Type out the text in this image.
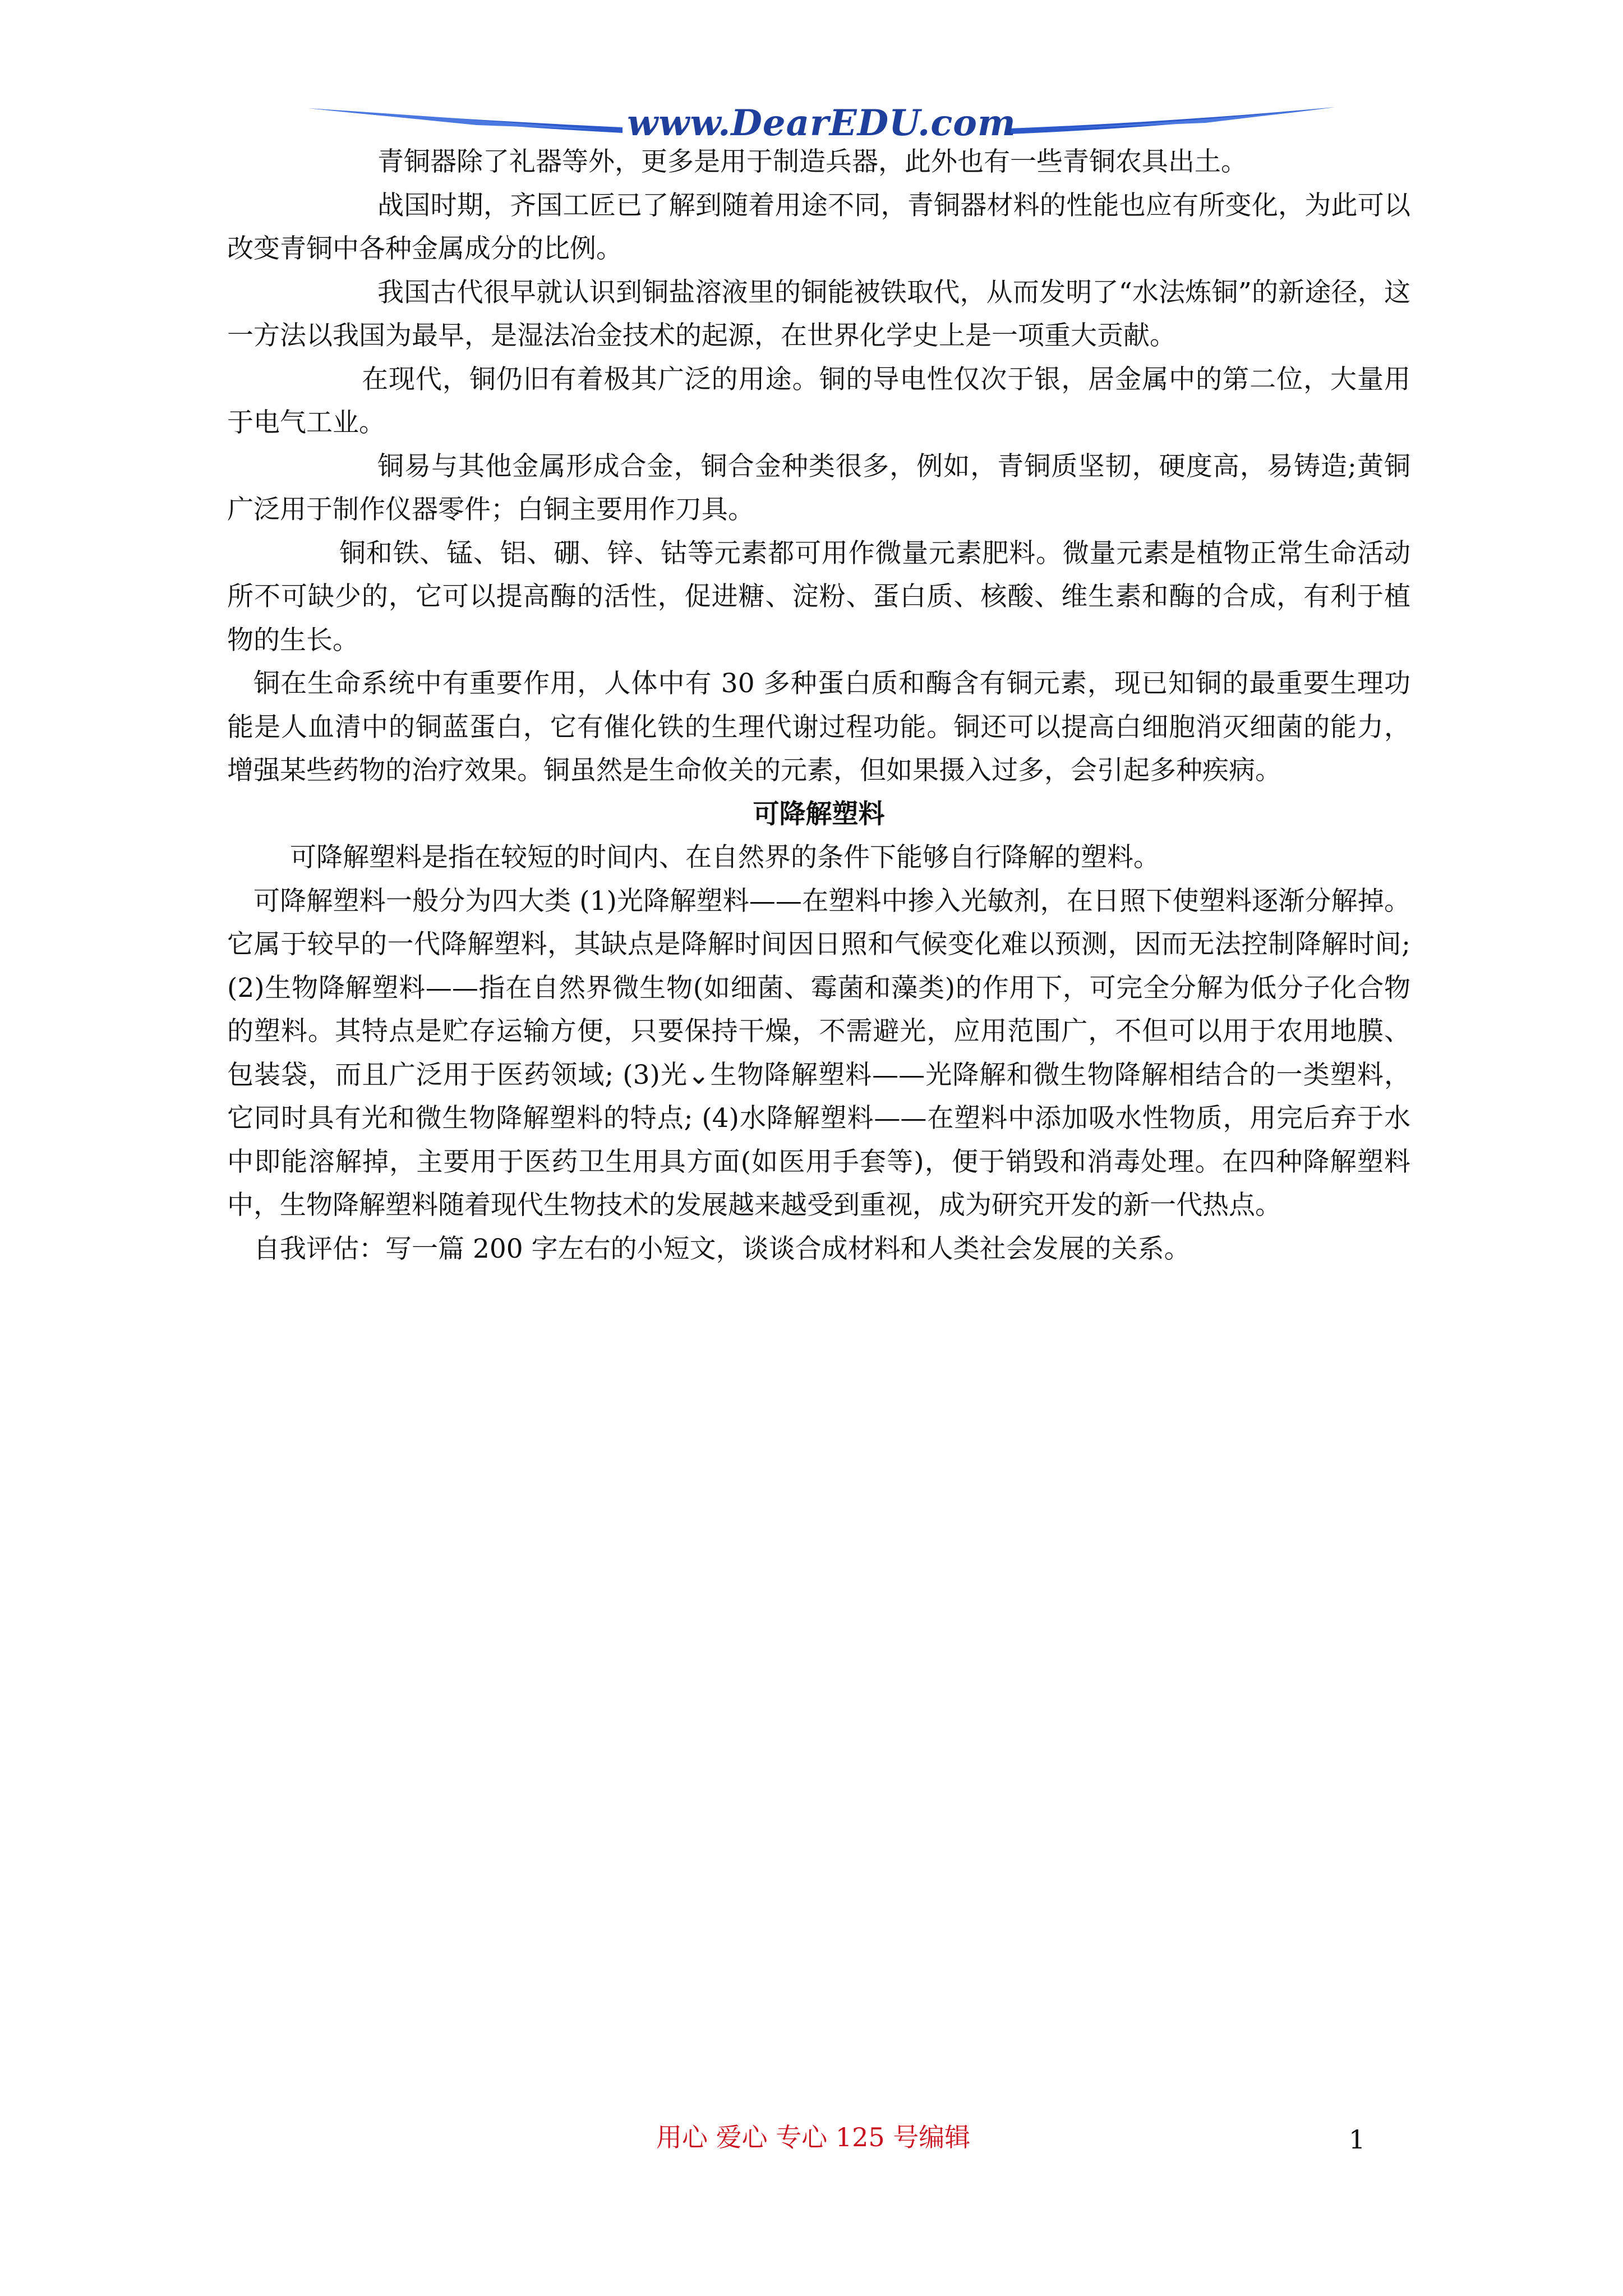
www.DearEDU.com

青铜器除了礼器等外，更多是用于制造兵器，此外也有一些青铜农具出土。

战国时期，齐国工匠已了解到随着用途不同，青铜器材料的性能也应有所变化，为此可以改变青铜中各种金属成分的比例。

我国古代很早就认识到铜盐溶液里的铜能被铁取代，从而发明了“水法炼铜”的新途径，这一方法以我国为最早，是湿法冶金技术的起源，在世界化学史上是一项重大贡献。

在现代，铜仍旧有着极其广泛的用途。铜的导电性仅次于银，居金属中的第二位，大量用于电气工业。

铜易与其他金属形成合金，铜合金种类很多，例如，青铜质坚韧，硬度高，易铸造;黄铜广泛用于制作仪器零件；白铜主要用作刀具。

铜和铁、锰、铝、硼、锌、钴等元素都可用作微量元素肥料。微量元素是植物正常生命活动所不可缺少的，它可以提高酶的活性，促进糖、淀粉、蛋白质、核酸、维生素和酶的合成，有利于植物的生长。

铜在生命系统中有重要作用，人体中有 30 多种蛋白质和酶含有铜元素，现已知铜的最重要生理功能是人血清中的铜蓝蛋白，它有催化铁的生理代谢过程功能。铜还可以提高白细胞消灭细菌的能力，增强某些药物的治疗效果。铜虽然是生命攸关的元素，但如果摄入过多，会引起多种疾病。

可降解塑料

可降解塑料是指在较短的时间内、在自然界的条件下能够自行降解的塑料。

可降解塑料一般分为四大类 (1)光降解塑料——在塑料中掺入光敏剂，在日照下使塑料逐渐分解掉。它属于较早的一代降解塑料，其缺点是降解时间因日照和气候变化难以预测，因而无法控制降解时间; (2)生物降解塑料——指在自然界微生物(如细菌、霉菌和藻类)的作用下，可完全分解为低分子化合物的塑料。其特点是贮存运输方便，只要保持干燥，不需避光，应用范围广，不但可以用于农用地膜、包装袋，而且广泛用于医药领域; (3)光⌄生物降解塑料——光降解和微生物降解相结合的一类塑料，它同时具有光和微生物降解塑料的特点; (4)水降解塑料——在塑料中添加吸水性物质，用完后弃于水中即能溶解掉，主要用于医药卫生用具方面(如医用手套等)，便于销毁和消毒处理。在四种降解塑料中，生物降解塑料随着现代生物技术的发展越来越受到重视，成为研究开发的新一代热点。

自我评估：写一篇 200 字左右的小短文，谈谈合成材料和人类社会发展的关系。

用心 爱心 专心 125 号编辑	1
